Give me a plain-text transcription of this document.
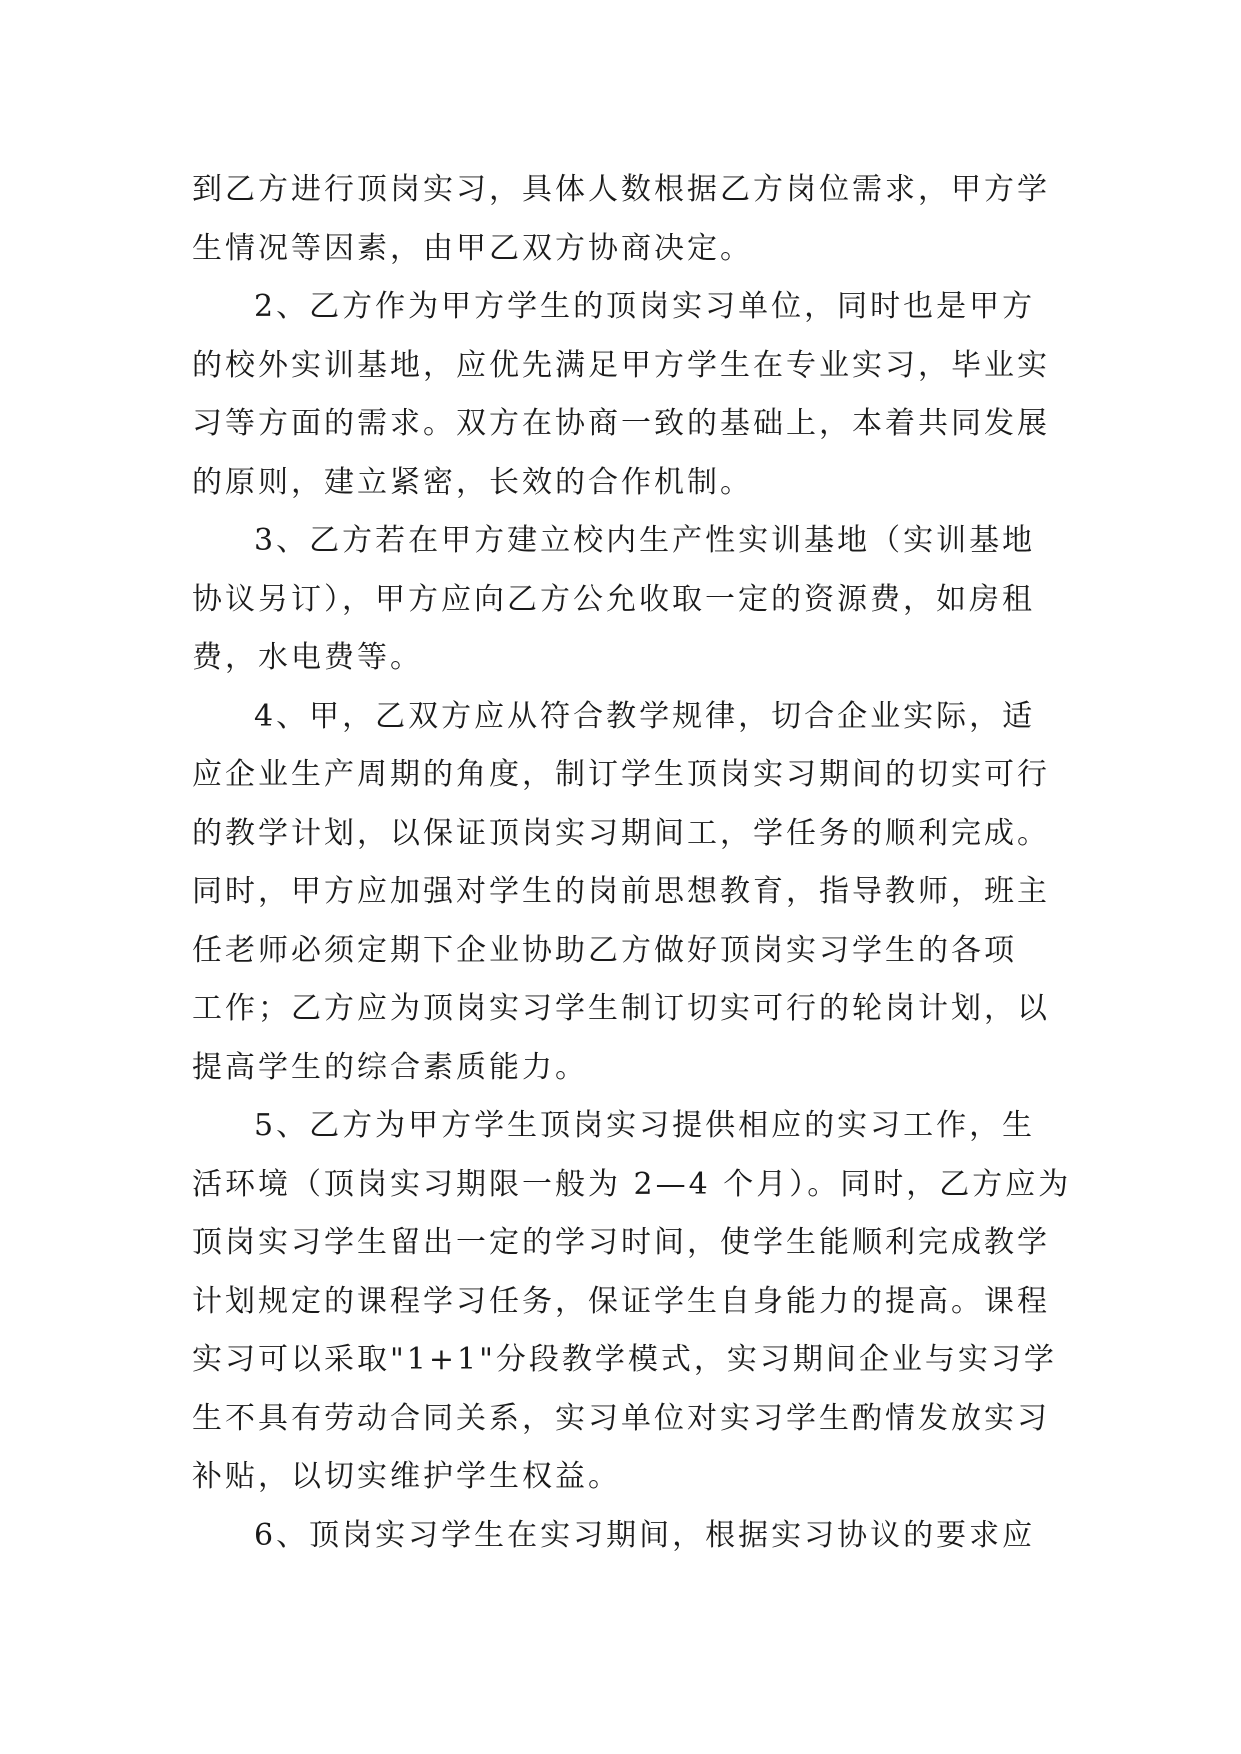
到乙方进行顶岗实习，具体人数根据乙方岗位需求，甲方学
生情况等因素，由甲乙双方协商决定。
2、乙方作为甲方学生的顶岗实习单位，同时也是甲方
的校外实训基地，应优先满足甲方学生在专业实习，毕业实
习等方面的需求。双方在协商一致的基础上，本着共同发展
的原则，建立紧密，长效的合作机制。
3、乙方若在甲方建立校内生产性实训基地（实训基地
协议另订），甲方应向乙方公允收取一定的资源费，如房租
费，水电费等。
4、甲，乙双方应从符合教学规律，切合企业实际，适
应企业生产周期的角度，制订学生顶岗实习期间的切实可行
的教学计划，以保证顶岗实习期间工，学任务的顺利完成。
同时，甲方应加强对学生的岗前思想教育，指导教师，班主
任老师必须定期下企业协助乙方做好顶岗实习学生的各项
工作；乙方应为顶岗实习学生制订切实可行的轮岗计划，以
提高学生的综合素质能力。
5、乙方为甲方学生顶岗实习提供相应的实习工作，生
活环境（顶岗实习期限一般为 2—4 个月）。同时，乙方应为
顶岗实习学生留出一定的学习时间，使学生能顺利完成教学
计划规定的课程学习任务，保证学生自身能力的提高。课程
实习可以采取"1+1"分段教学模式，实习期间企业与实习学
生不具有劳动合同关系，实习单位对实习学生酌情发放实习
补贴，以切实维护学生权益。
6、顶岗实习学生在实习期间，根据实习协议的要求应
